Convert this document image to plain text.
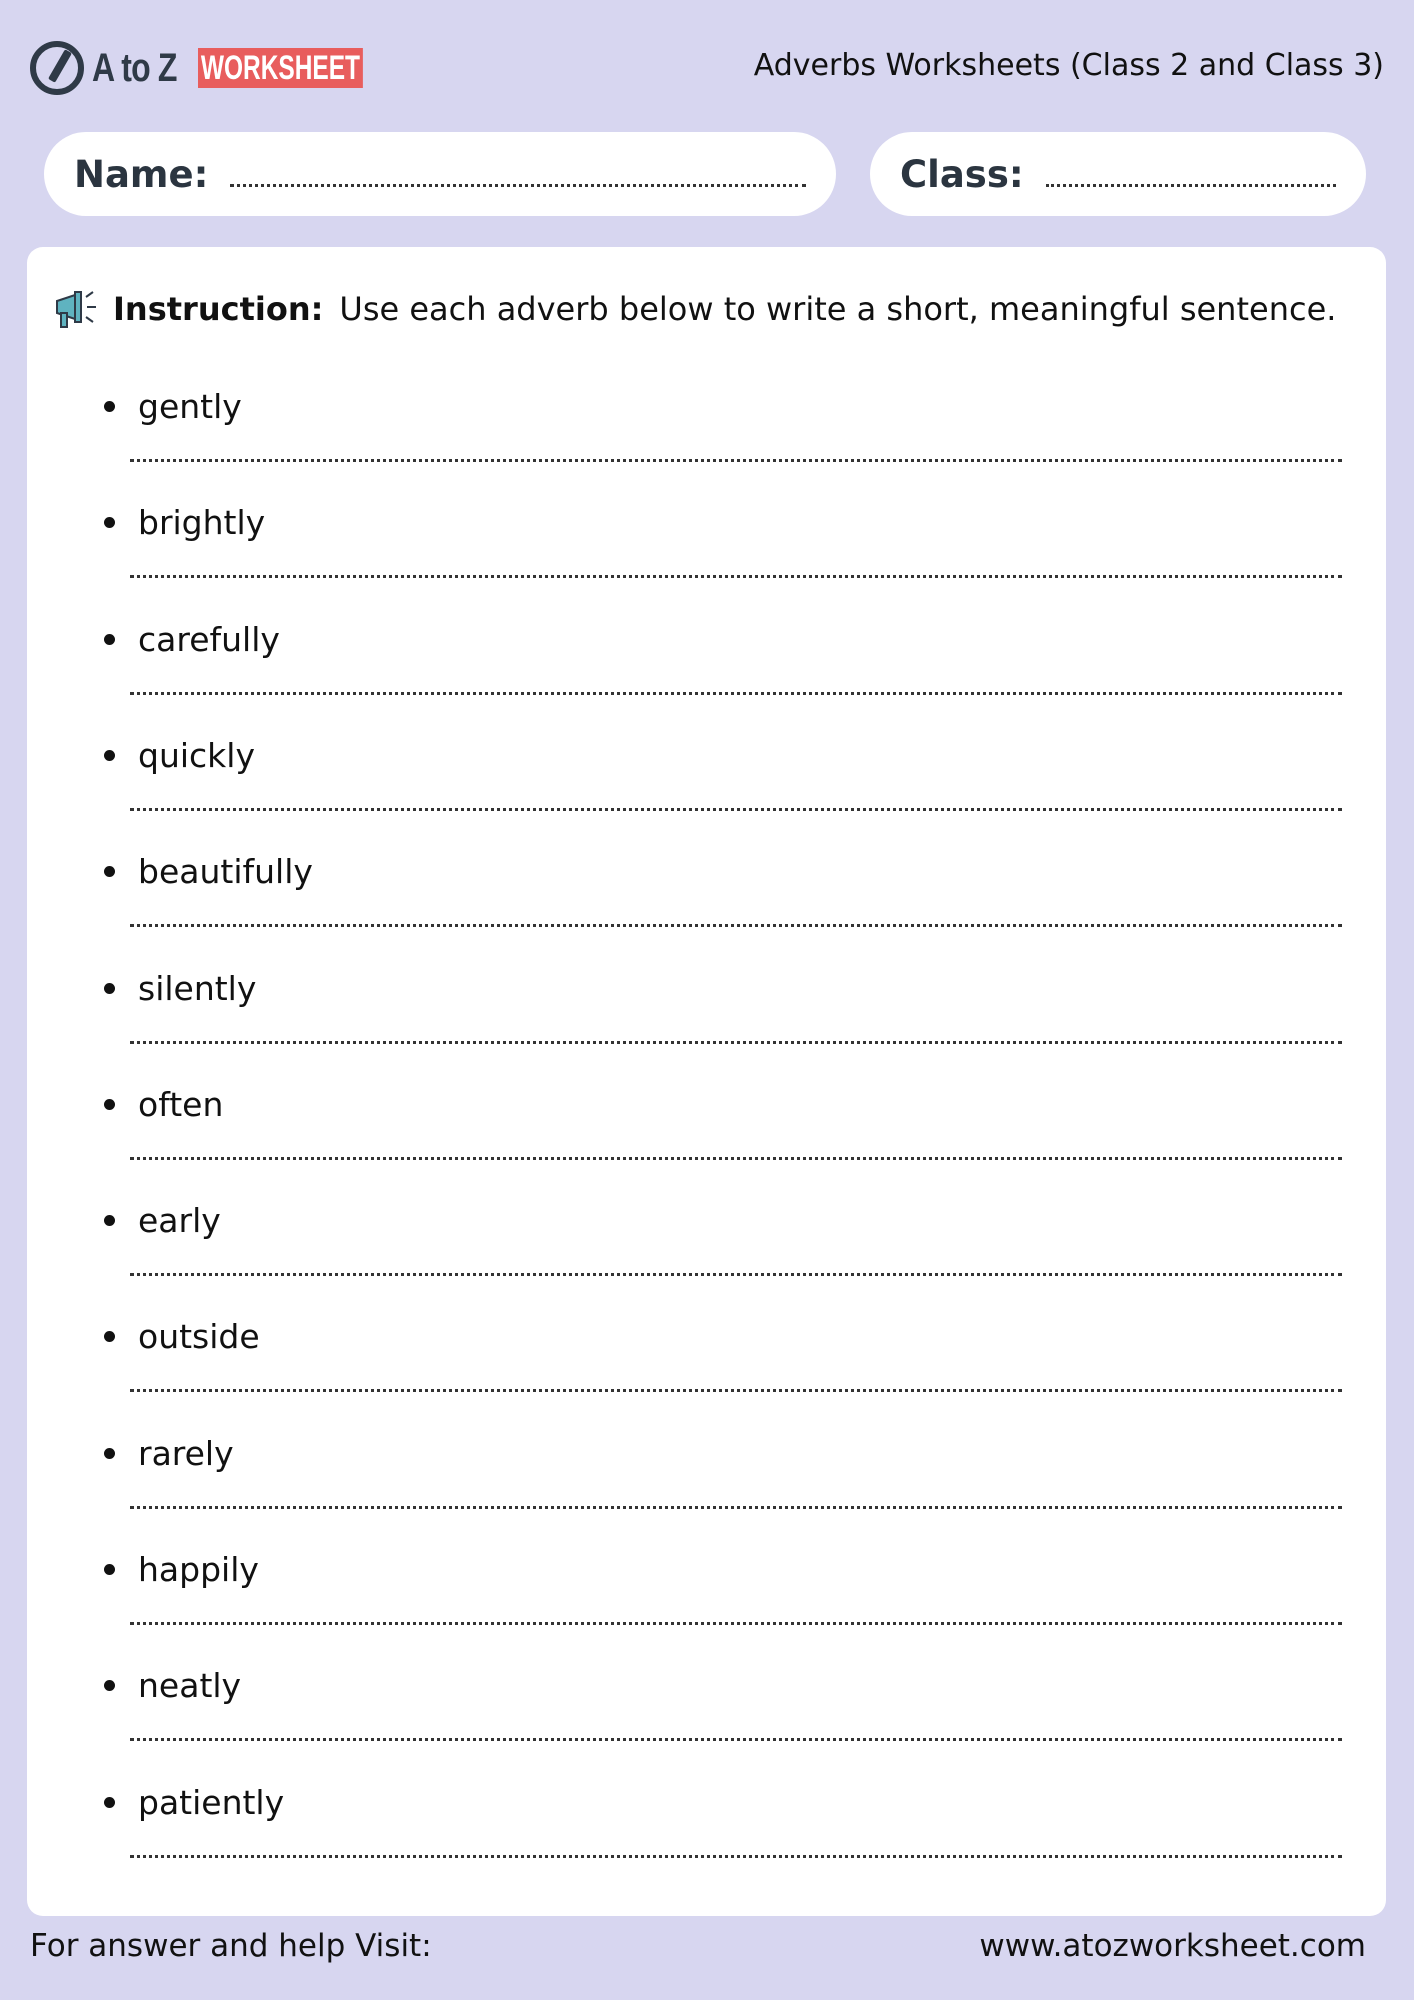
A to Z WORKSHEET	Adverbs Worksheets (Class 2 and Class 3)
Name:	Class:
Instruction: Use each adverb below to write a short, meaningful sentence.
gently
brightly
carefully
quickly
beautifully
silently
often
early
outside
rarely
happily
neatly
patiently
For answer and help Visit:	www.atozworksheet.com
